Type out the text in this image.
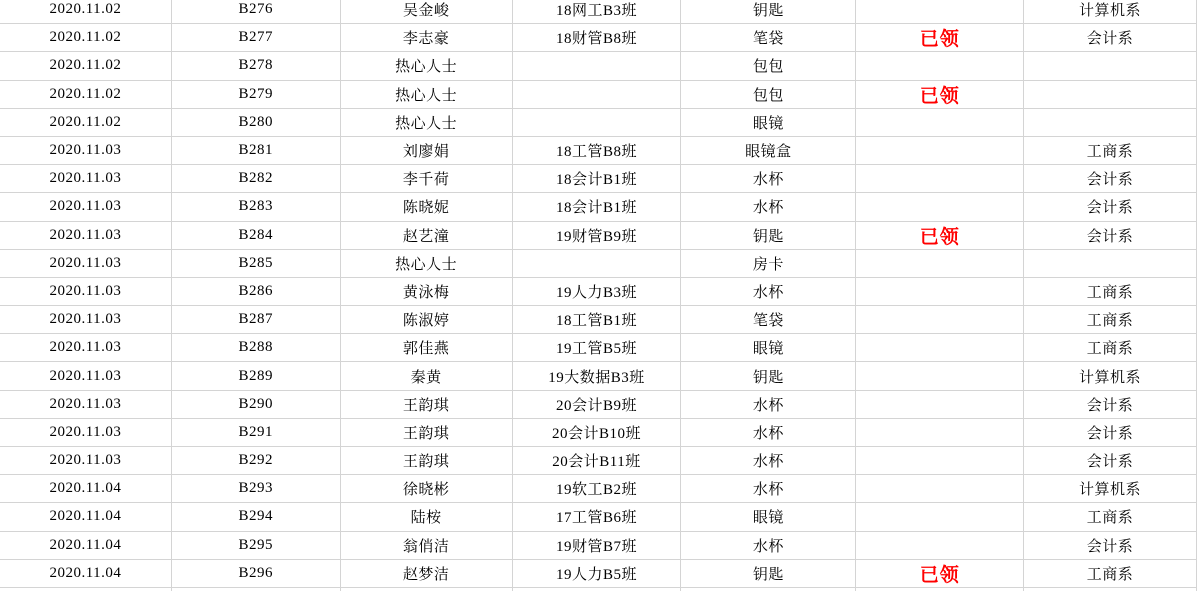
2020.11.02	B276	吴金峻	18网工B3班	钥匙		计算机系
2020.11.02	B277	李志豪	18财管B8班	笔袋	已领	会计系
2020.11.02	B278	热心人士		包包		
2020.11.02	B279	热心人士		包包	已领	
2020.11.02	B280	热心人士		眼镜		
2020.11.03	B281	刘廖娟	18工管B8班	眼镜盒		工商系
2020.11.03	B282	李千荷	18会计B1班	水杯		会计系
2020.11.03	B283	陈晓妮	18会计B1班	水杯		会计系
2020.11.03	B284	赵艺潼	19财管B9班	钥匙	已领	会计系
2020.11.03	B285	热心人士		房卡		
2020.11.03	B286	黄泳梅	19人力B3班	水杯		工商系
2020.11.03	B287	陈淑婷	18工管B1班	笔袋		工商系
2020.11.03	B288	郭佳燕	19工管B5班	眼镜		工商系
2020.11.03	B289	秦黄	19大数据B3班	钥匙		计算机系
2020.11.03	B290	王韵琪	20会计B9班	水杯		会计系
2020.11.03	B291	王韵琪	20会计B10班	水杯		会计系
2020.11.03	B292	王韵琪	20会计B11班	水杯		会计系
2020.11.04	B293	徐晓彬	19软工B2班	水杯		计算机系
2020.11.04	B294	陆桉	17工管B6班	眼镜		工商系
2020.11.04	B295	翁俏洁	19财管B7班	水杯		会计系
2020.11.04	B296	赵梦洁	19人力B5班	钥匙	已领	工商系
